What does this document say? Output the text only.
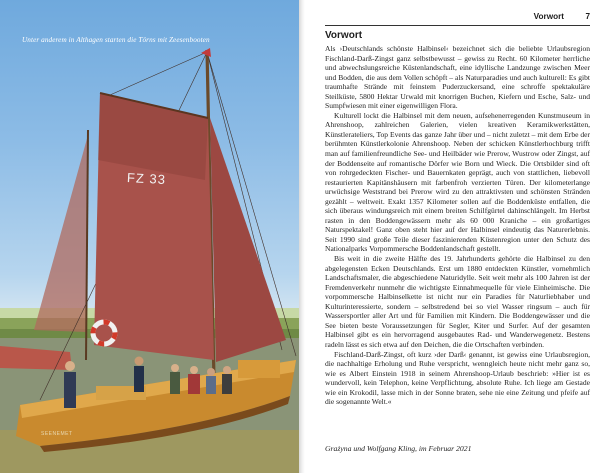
Unter anderem in Althagen starten die Törns mit Zeesenbooten
FZ 33
SEENEMET
Vorwort	7
Vorwort

Als ›Deutschlands schönste Halbinsel‹ bezeichnet sich die beliebte Urlaubsregion Fischland-Darß-Zingst ganz selbstbewusst – gewiss zu Recht. 60 Kilometer herrliche und abwechslungsreiche Küstenlandschaft, eine idyllische Landzunge zwischen Meer und Bodden, die aus dem Vollen schöpft – als Naturparadies und auch kulturell: Es gibt traumhafte Strände mit feinstem Puderzuckersand, eine schroffe spektakuläre Steilküste, 5800 Hektar Urwald mit knorrigen Buchen, Kiefern und Esche, Salz- und Sumpfwiesen mit einer eigenwilligen Flora.

Kulturell lockt die Halbinsel mit dem neuen, aufsehenerregenden Kunstmuseum in Ahrenshoop, zahlreichen Galerien, vielen kreativen Keramikwerkstätten, Künstlerateliers, Top Events das ganze Jahr über und – nicht zuletzt – mit dem Erbe der berühmten Künstlerkolonie Ahrenshoop. Neben der schicken Künstlerhochburg trifft man auf familienfreundliche See- und Heilbäder wie Prerow, Wustrow oder Zingst, auf der Boddenseite auf romantische Dörfer wie Born und Wieck. Die Ortsbilder sind oft von rohrgedeckten Fischer- und Bauernkaten geprägt, auch von stattlichen, liebevoll restaurierten Kapitänshäusern mit farbenfroh verzierten Türen. Der kilometerlange urwüchsige Weststrand bei Prerow wird zu den attraktivsten und schönsten Stränden gezählt – weltweit. Exakt 1357 Kilometer sollen auf die Boddenküste entfallen, die sich überaus windungsreich mit einem breiten Schilfgürtel dahinschlängelt. Im Herbst rasten in den Boddengewässern mehr als 60 000 Kraniche – ein großartiges Naturspektakel! Ganz oben steht hier auf der Halbinsel eindeutig das Naturerlebnis. Seit 1990 sind große Teile dieser faszinierenden Küstenregion unter den Schutz des Nationalparks Vorpommersche Boddenlandschaft gestellt.

Bis weit in die zweite Hälfte des 19. Jahrhunderts gehörte die Halbinsel zu den abgelegensten Ecken Deutschlands. Erst um 1880 entdeckten Künstler, vornehmlich Landschaftsmaler, die abgeschiedene Naturidylle. Seit weit mehr als 100 Jahren ist der Fremdenverkehr nunmehr die wichtigste Einnahmequelle für viele Einheimische. Die vorpommersche Halbinselkette ist nicht nur ein Paradies für Naturliebhaber und Kulturinteressierte, sondern – selbstredend bei so viel Wasser ringsum – auch für Wassersportler aller Art und für Familien mit Kindern. Die Boddengewässer und die See bieten beste Voraussetzungen für Segler, Kiter und Surfer. Auf der gesamten Halbinsel gibt es ein hervorragend ausgebautes Rad- und Wanderwegenetz. Bestens radeln lässt es sich etwa auf den Deichen, die die Ortschaften verbinden.

Fischland-Darß-Zingst, oft kurz ›der Darß‹ genannt, ist gewiss eine Urlaubsregion, die nachhaltige Erholung und Ruhe verspricht, wenngleich heute nicht mehr ganz so, wie es Albert Einstein 1918 in seinem Ahrenshoop-Urlaub beschrieb: »Hier ist es wundervoll, kein Telephon, keine Verpflichtung, absolute Ruhe. Ich liege am Gestade wie ein Krokodil, lasse mich in der Sonne braten, sehe nie eine Zeitung und pfeife auf die sogenannte Welt.«

Grażyna und Wolfgang Kling, im Februar 2021
